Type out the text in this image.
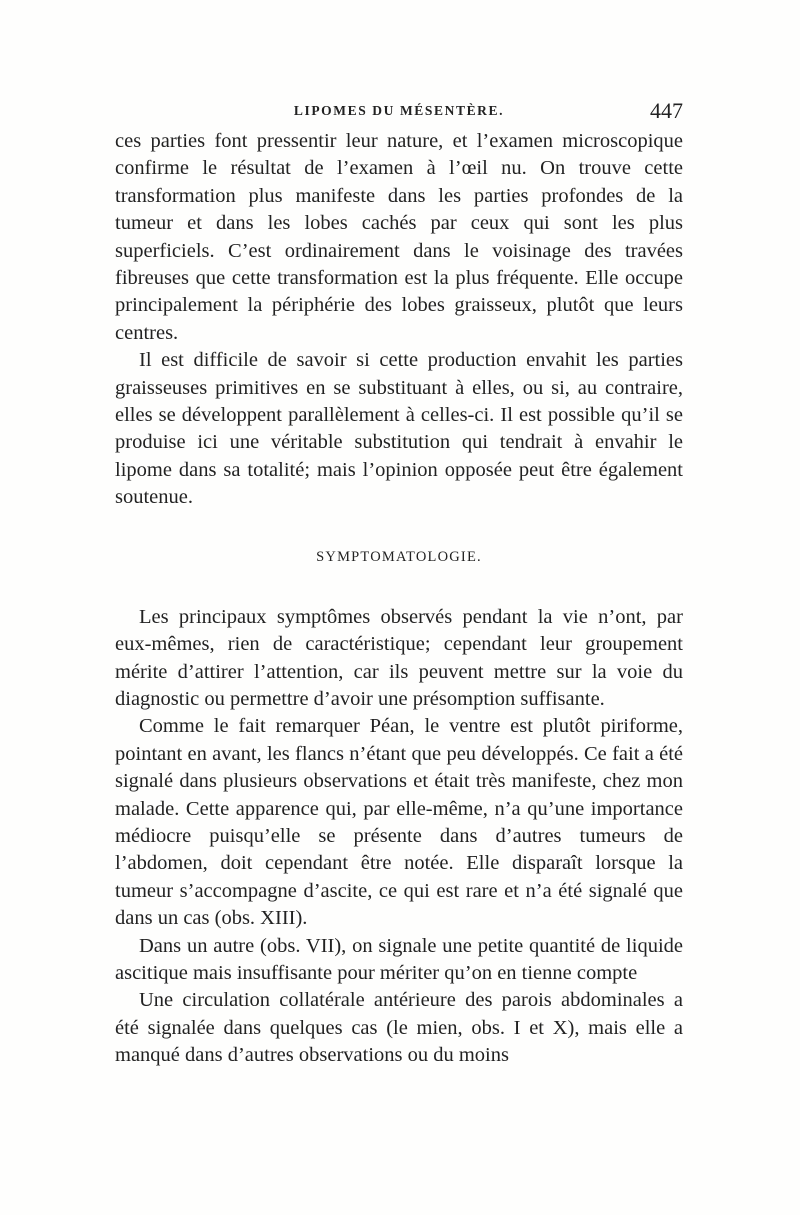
LIPOMES DU MÉSENTÈRE.	447

ces parties font pressentir leur nature, et l’examen microscopique confirme le résultat de l’examen à l’œil nu. On trouve cette transformation plus manifeste dans les parties profondes de la tumeur et dans les lobes cachés par ceux qui sont les plus superficiels. C’est ordinairement dans le voisinage des travées fibreuses que cette transformation est la plus fréquente. Elle occupe principalement la périphérie des lobes graisseux, plutôt que leurs centres.

Il est difficile de savoir si cette production envahit les parties graisseuses primitives en se substituant à elles, ou si, au contraire, elles se développent parallèlement à celles-ci. Il est possible qu’il se produise ici une véritable substitution qui tendrait à envahir le lipome dans sa totalité; mais l’opinion opposée peut être également soutenue.

SYMPTOMATOLOGIE.

Les principaux symptômes observés pendant la vie n’ont, par eux-mêmes, rien de caractéristique; cependant leur groupement mérite d’attirer l’attention, car ils peuvent mettre sur la voie du diagnostic ou permettre d’avoir une présomption suffisante.

Comme le fait remarquer Péan, le ventre est plutôt piriforme, pointant en avant, les flancs n’étant que peu développés. Ce fait a été signalé dans plusieurs observations et était très manifeste, chez mon malade. Cette apparence qui, par elle-même, n’a qu’une importance médiocre puisqu’elle se présente dans d’autres tumeurs de l’abdomen, doit cependant être notée. Elle disparaît lorsque la tumeur s’accompagne d’ascite, ce qui est rare et n’a été signalé que dans un cas (obs. XIII).

Dans un autre (obs. VII), on signale une petite quantité de liquide ascitique mais insuffisante pour mériter qu’on en tienne compte

Une circulation collatérale antérieure des parois abdominales a été signalée dans quelques cas (le mien, obs. I et X), mais elle a manqué dans d’autres observations ou du moins
